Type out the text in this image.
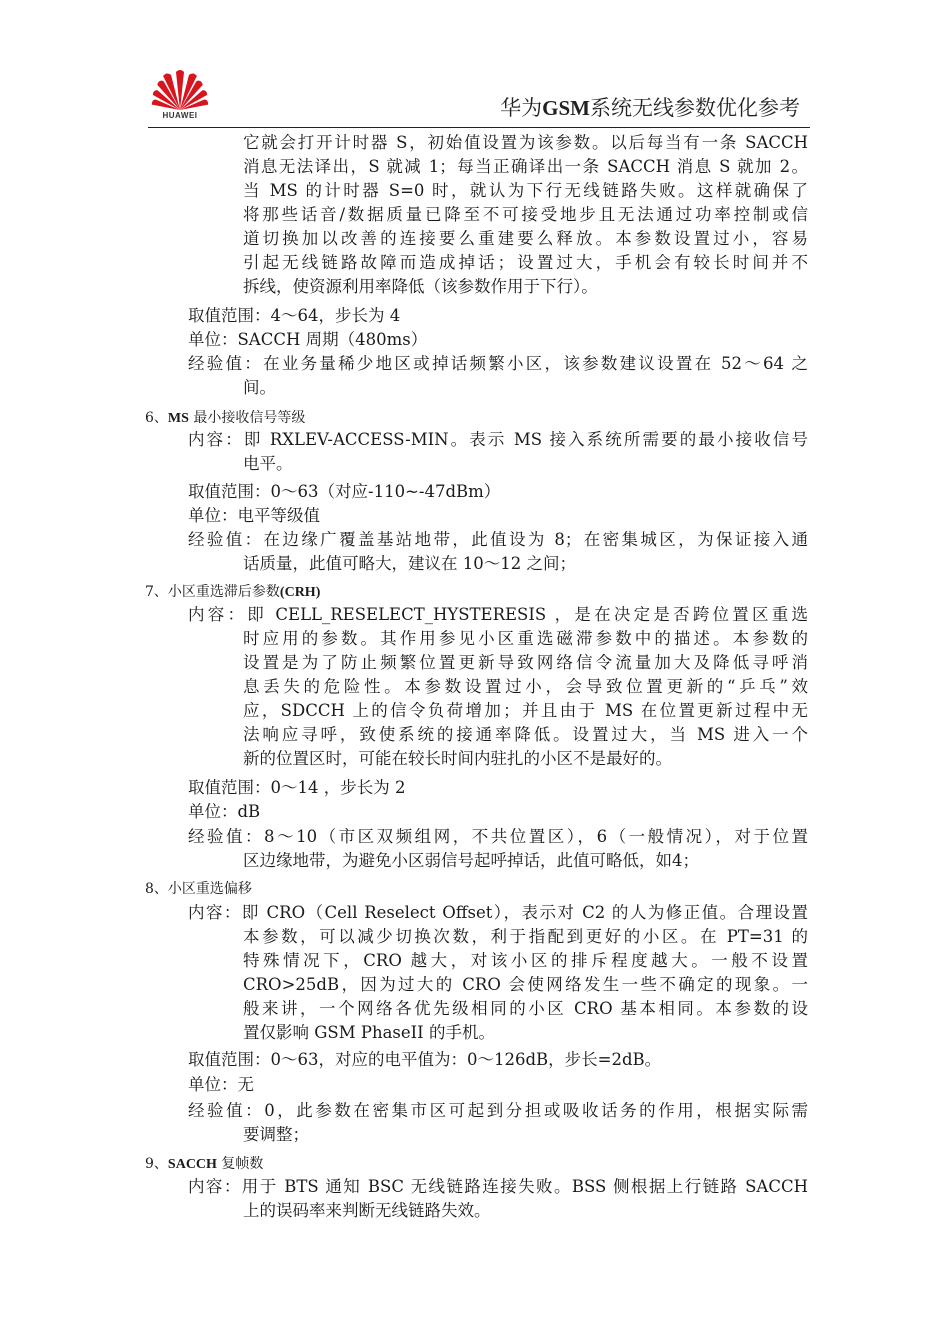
HUAWEI	华为GSM系统无线参数优化参考
它就会打开计时器 S，初始值设置为该参数。以后每当有一条 SACCH
消息无法译出，S 就减 1；每当正确译出一条 SACCH 消息 S 就加 2。
当 MS 的计时器 S=0 时，就认为下行无线链路失败。这样就确保了
将那些话音/数据质量已降至不可接受地步且无法通过功率控制或信
道切换加以改善的连接要么重建要么释放。本参数设置过小，容易
引起无线链路故障而造成掉话；设置过大，手机会有较长时间并不
拆线，使资源利用率降低（该参数作用于下行）。
取值范围：4～64，步长为 4
单位：SACCH 周期（480ms）
经验值：在业务量稀少地区或掉话频繁小区，该参数建议设置在 52～64 之
间。
6、MS 最小接收信号等级
内容：即 RXLEV-ACCESS-MIN。表示 MS 接入系统所需要的最小接收信号
电平。
取值范围：0～63（对应-110~-47dBm）
单位：电平等级值
经验值：在边缘广覆盖基站地带，此值设为 8；在密集城区，为保证接入通
话质量，此值可略大，建议在 10～12 之间；
7、小区重选滞后参数(CRH)
内容：即 CELL_RESELECT_HYSTERESIS ，是在决定是否跨位置区重选
时应用的参数。其作用参见小区重选磁滞参数中的描述。本参数的
设置是为了防止频繁位置更新导致网络信令流量加大及降低寻呼消
息丢失的危险性。本参数设置过小，会导致位置更新的“乒乓”效
应，SDCCH 上的信令负荷增加；并且由于 MS 在位置更新过程中无
法响应寻呼，致使系统的接通率降低。设置过大，当 MS 进入一个
新的位置区时，可能在较长时间内驻扎的小区不是最好的。
取值范围：0～14 ，步长为 2
单位：dB
经验值：8～10（市区双频组网，不共位置区），6（一般情况），对于位置
区边缘地带，为避免小区弱信号起呼掉话，此值可略低，如4；
8、小区重选偏移
内容：即 CRO（Cell Reselect Offset），表示对 C2 的人为修正值。合理设置
本参数，可以减少切换次数，利于指配到更好的小区。在 PT=31 的
特殊情况下，CRO 越大，对该小区的排斥程度越大。一般不设置
CRO>25dB，因为过大的 CRO 会使网络发生一些不确定的现象。一
般来讲，一个网络各优先级相同的小区 CRO 基本相同。本参数的设
置仅影响 GSM PhaseII 的手机。
取值范围：0～63，对应的电平值为：0～126dB，步长=2dB。
单位：无
经验值：0，此参数在密集市区可起到分担或吸收话务的作用，根据实际需
要调整；
9、SACCH 复帧数
内容：用于 BTS 通知 BSC 无线链路连接失败。BSS 侧根据上行链路 SACCH
上的误码率来判断无线链路失效。
